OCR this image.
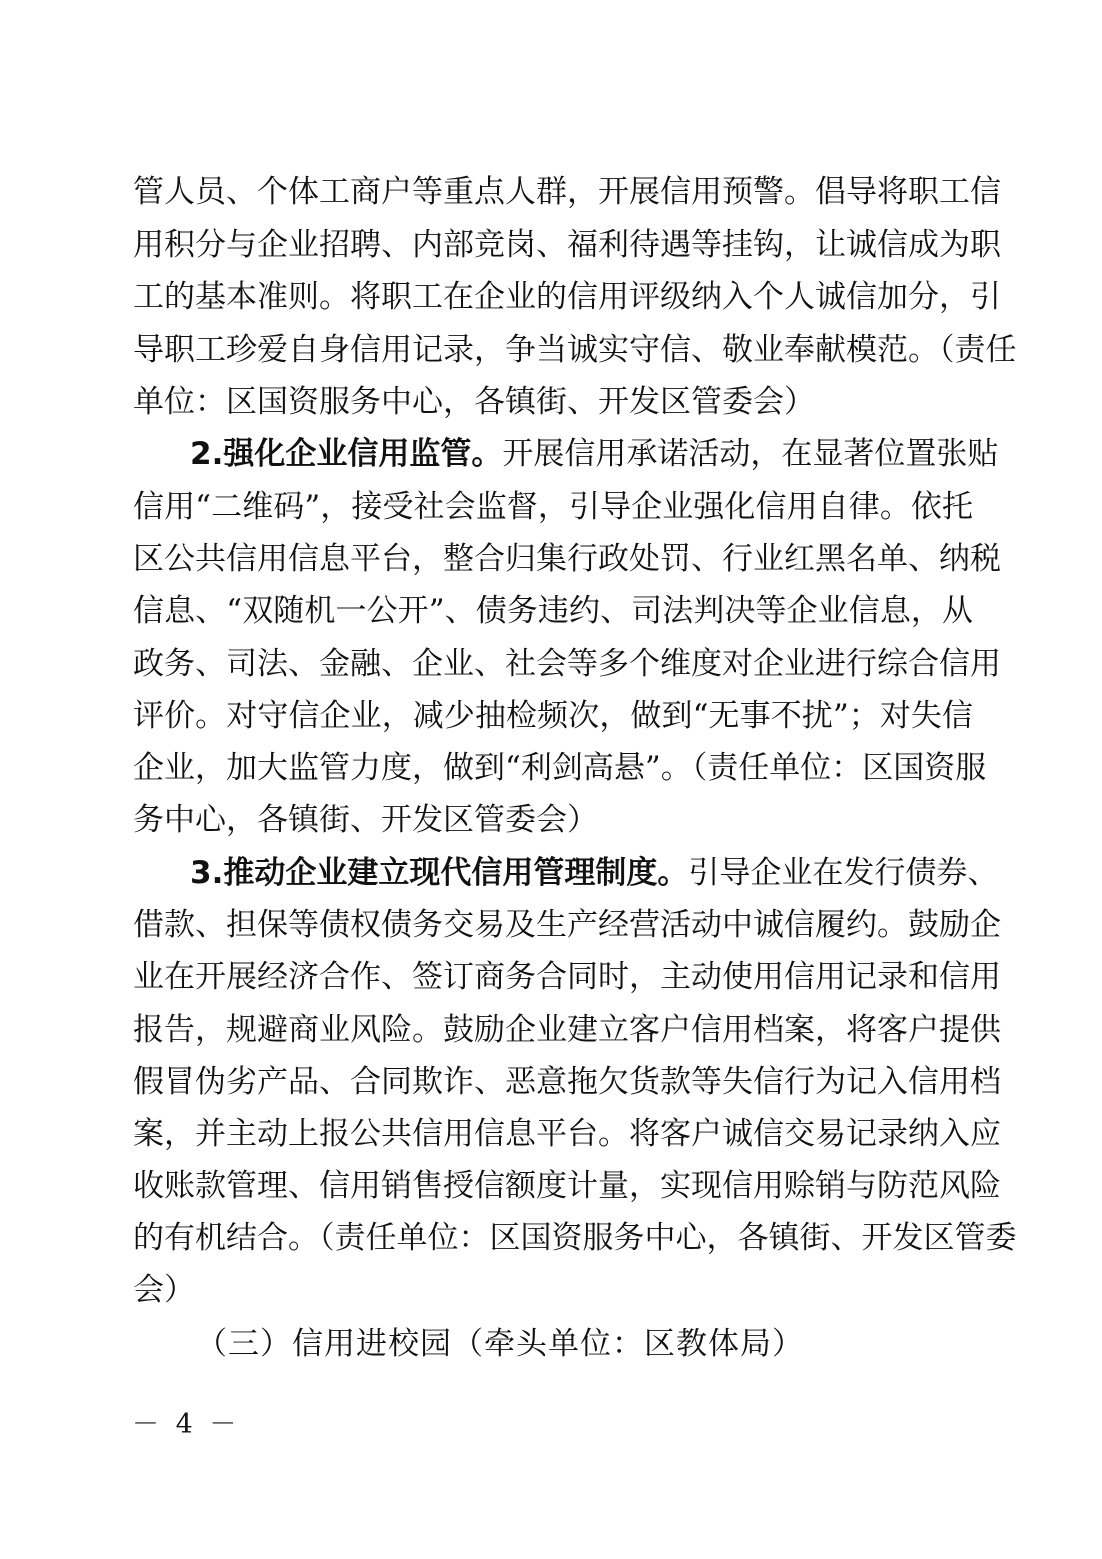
管人员、个体工商户等重点人群，开展信用预警。倡导将职工信
用积分与企业招聘、内部竞岗、福利待遇等挂钩，让诚信成为职
工的基本准则。将职工在企业的信用评级纳入个人诚信加分，引
导职工珍爱自身信用记录，争当诚实守信、敬业奉献模范。（责任
单位：区国资服务中心，各镇街、开发区管委会）
2.强化企业信用监管。开展信用承诺活动，在显著位置张贴
信用“二维码”，接受社会监督，引导企业强化信用自律。依托
区公共信用信息平台，整合归集行政处罚、行业红黑名单、纳税
信息、“双随机一公开”、债务违约、司法判决等企业信息，从
政务、司法、金融、企业、社会等多个维度对企业进行综合信用
评价。对守信企业，减少抽检频次，做到“无事不扰”；对失信
企业，加大监管力度，做到“利剑高悬”。（责任单位：区国资服
务中心，各镇街、开发区管委会）
3.推动企业建立现代信用管理制度。引导企业在发行债券、
借款、担保等债权债务交易及生产经营活动中诚信履约。鼓励企
业在开展经济合作、签订商务合同时，主动使用信用记录和信用
报告，规避商业风险。鼓励企业建立客户信用档案，将客户提供
假冒伪劣产品、合同欺诈、恶意拖欠货款等失信行为记入信用档
案，并主动上报公共信用信息平台。将客户诚信交易记录纳入应
收账款管理、信用销售授信额度计量，实现信用赊销与防范风险
的有机结合。（责任单位：区国资服务中心，各镇街、开发区管委
会）
（三）信用进校园（牵头单位：区教体局）
－ 4 －
